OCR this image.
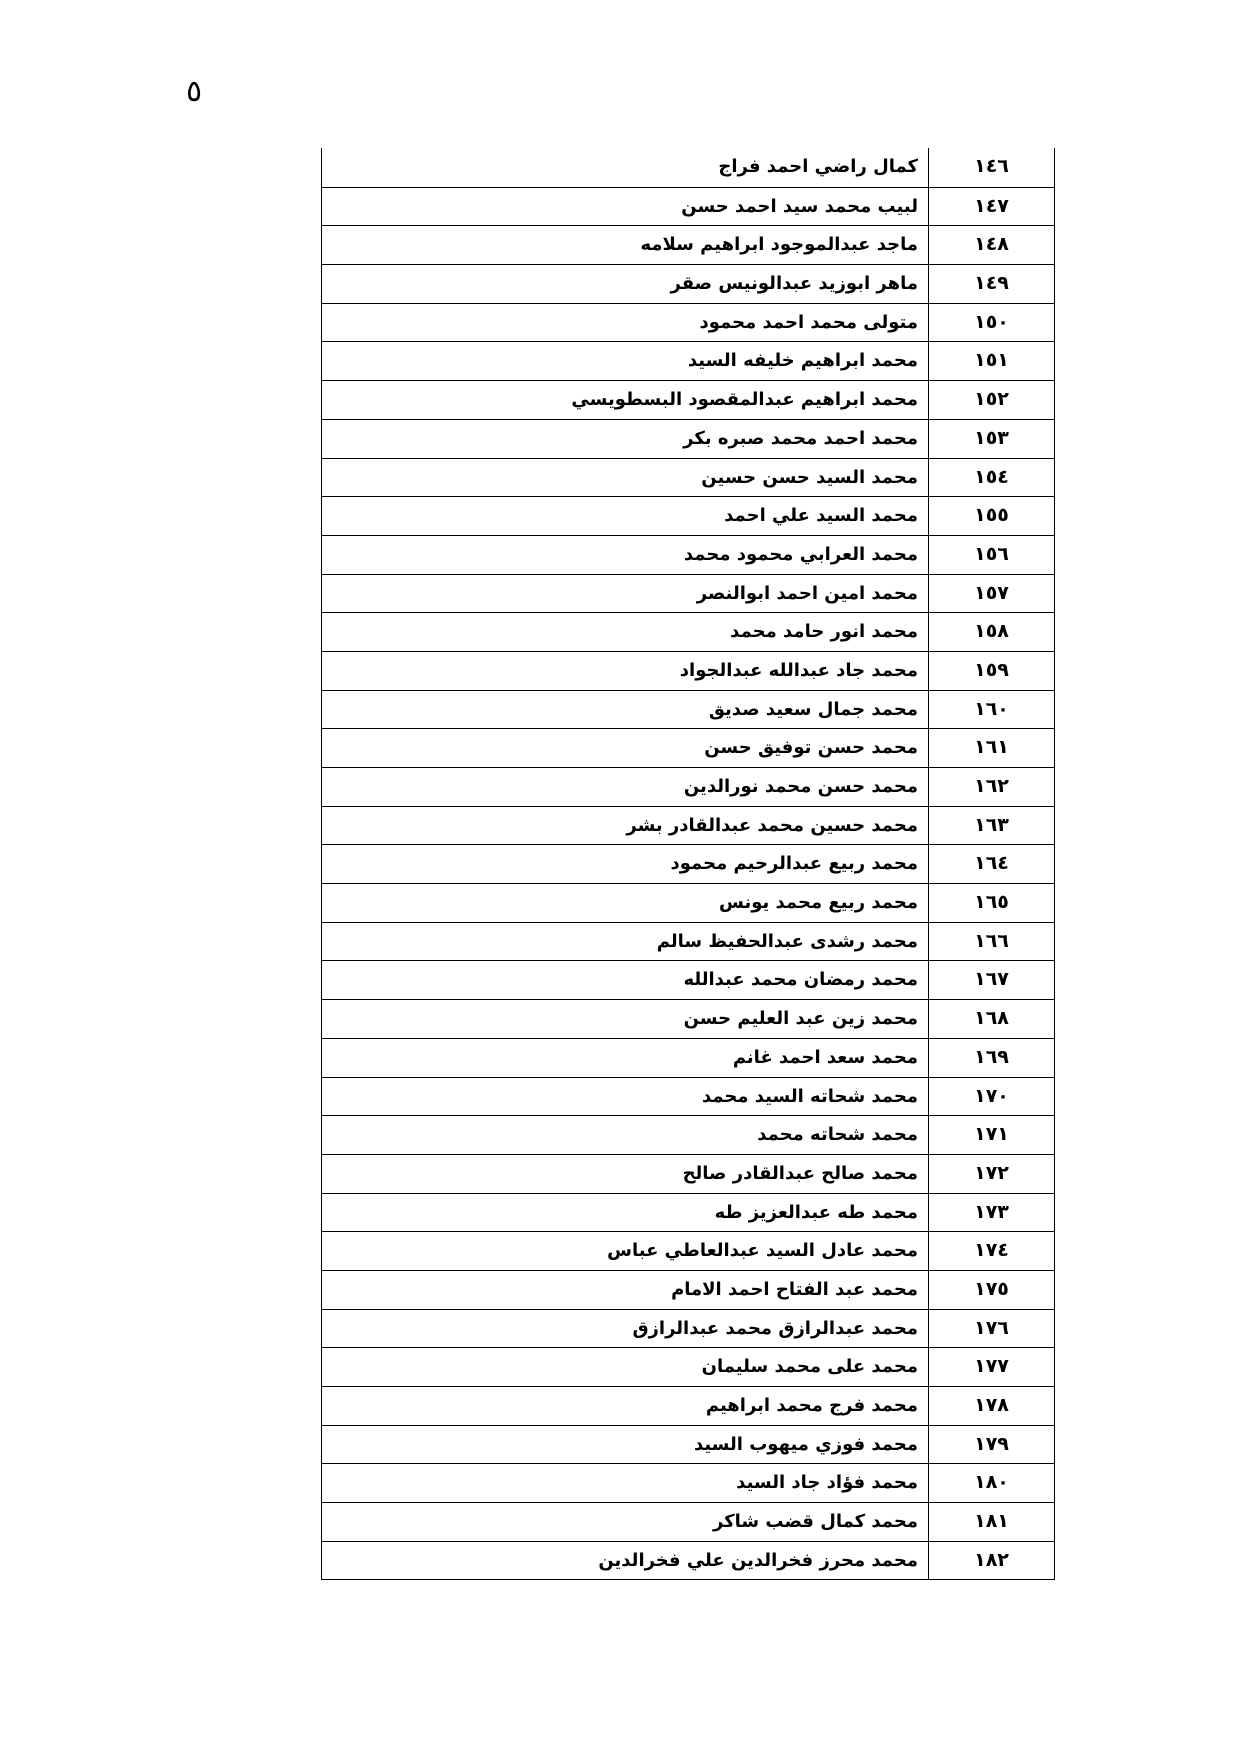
٥
كمال راضي احمد فراج	١٤٦
لبيب محمد سيد احمد حسن	١٤٧
ماجد عبدالموجود ابراهيم سلامه	١٤٨
ماهر ابوزيد عبدالونيس صقر	١٤٩
متولى محمد احمد محمود	١٥٠
محمد ابراهيم خليفه السيد	١٥١
محمد ابراهيم عبدالمقصود البسطويسي	١٥٢
محمد احمد محمد صبره بكر	١٥٣
محمد السيد حسن حسين	١٥٤
محمد السيد علي احمد	١٥٥
محمد العرابي محمود محمد	١٥٦
محمد امين احمد ابوالنصر	١٥٧
محمد انور حامد محمد	١٥٨
محمد جاد عبدالله عبدالجواد	١٥٩
محمد جمال سعيد صديق	١٦٠
محمد حسن توفيق حسن	١٦١
محمد حسن محمد نورالدين	١٦٢
محمد حسين محمد عبدالقادر بشر	١٦٣
محمد ربيع عبدالرحيم محمود	١٦٤
محمد ربيع محمد يونس	١٦٥
محمد رشدى عبدالحفيظ سالم	١٦٦
محمد رمضان محمد عبدالله	١٦٧
محمد زين عبد العليم حسن	١٦٨
محمد سعد احمد غانم	١٦٩
محمد شحاته السيد محمد	١٧٠
محمد شحاته محمد	١٧١
محمد صالح عبدالقادر صالح	١٧٢
محمد طه عبدالعزيز طه	١٧٣
محمد عادل السيد عبدالعاطي عباس	١٧٤
محمد عبد الفتاح احمد الامام	١٧٥
محمد عبدالرازق محمد عبدالرازق	١٧٦
محمد على محمد سليمان	١٧٧
محمد فرج محمد ابراهيم	١٧٨
محمد فوزي ميهوب السيد	١٧٩
محمد فؤاد جاد السيد	١٨٠
محمد كمال قضب شاكر	١٨١
محمد محرز فخرالدين علي فخرالدين	١٨٢
